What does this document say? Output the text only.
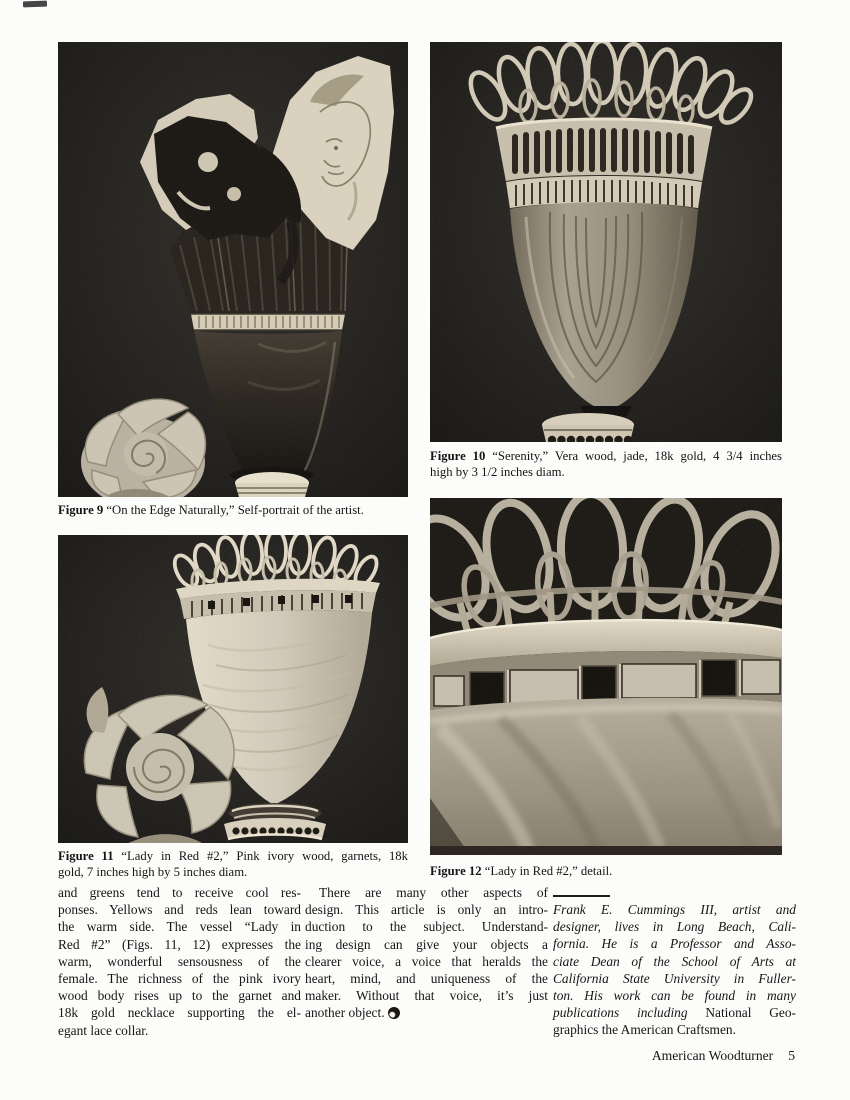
Figure 9 “On the Edge Naturally,” Self-portrait of the artist.
Figure 10 “Serenity,” Vera wood, jade, 18k gold, 4 3/4 inches
high by 3 1/2 inches diam.
Figure 11 “Lady in Red #2,” Pink ivory wood, garnets, 18k
gold, 7 inches high by 5 inches diam.	Figure 12 “Lady in Red #2,” detail.
and greens tend to receive cool res-
ponses. Yellows and reds lean toward
the warm side. The vessel “Lady in
Red #2” (Figs. 11, 12) expresses the
warm, wonderful sensousness of the
female. The richness of the pink ivory
wood body rises up to the garnet and
18k gold necklace supporting the el-
egant lace collar.
There are many other aspects of
design. This article is only an intro-
duction to the subject. Understand-
ing design can give your objects a
clearer voice, a voice that heralds the
heart, mind, and uniqueness of the
maker. Without that voice, it’s just
another object.
Frank E. Cummings III, artist and
designer, lives in Long Beach, Cali-
fornia. He is a Professor and Asso-
ciate Dean of the School of Arts at
California State University in Fuller-
ton. His work can be found in many
publications including National Geo-
graphics the American Craftsmen.
American Woodturner 5
